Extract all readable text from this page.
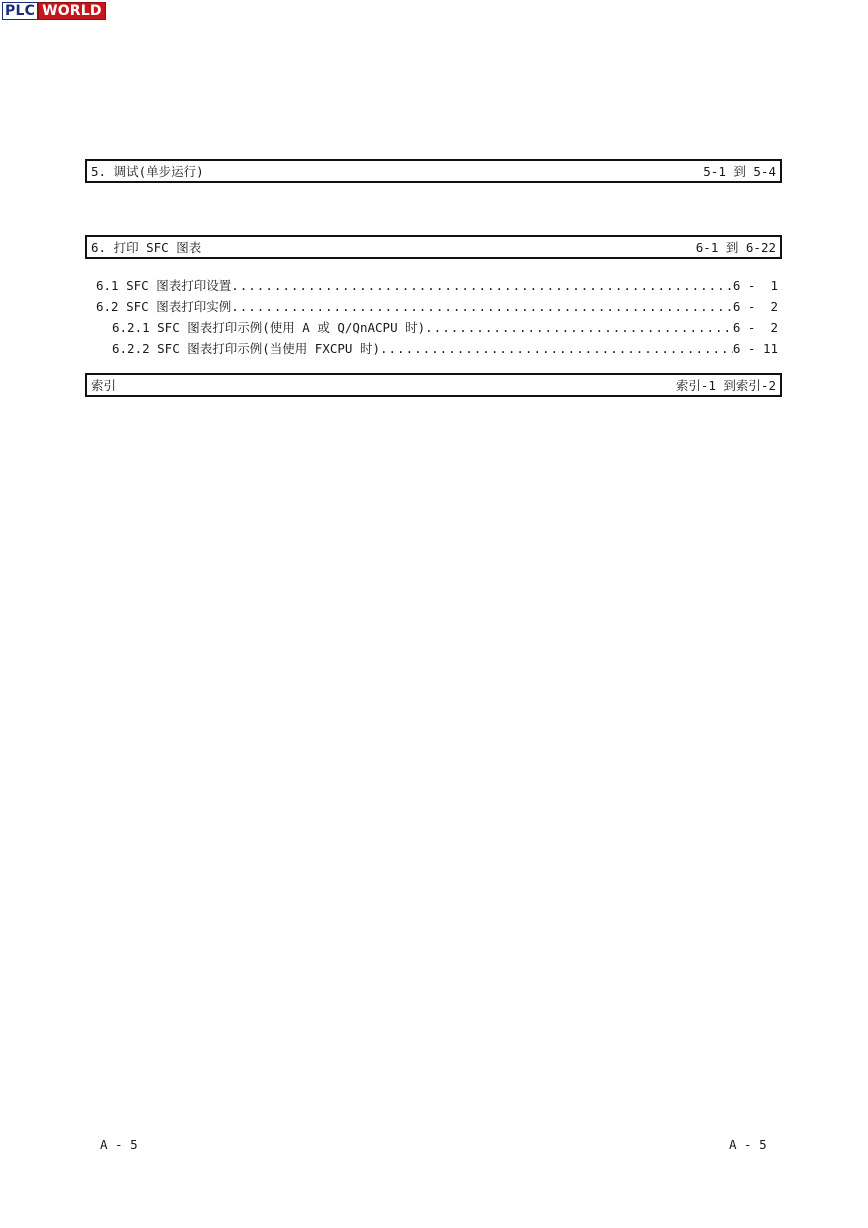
PLC WORLD
5. 调试(单步运行)	5-1 到 5-4
6. 打印 SFC 图表	6-1 到 6-22
6.1 SFC 图表打印设置 .....	6 -  1
6.2 SFC 图表打印实例 .....	6 -  2
6.2.1 SFC 图表打印示例(使用 A 或 Q/QnACPU 时) .....	6 -  2
6.2.2 SFC 图表打印示例(当使用 FXCPU 时) .....	6 - 11
索引	索引-1 到索引-2
A - 5	A - 5
